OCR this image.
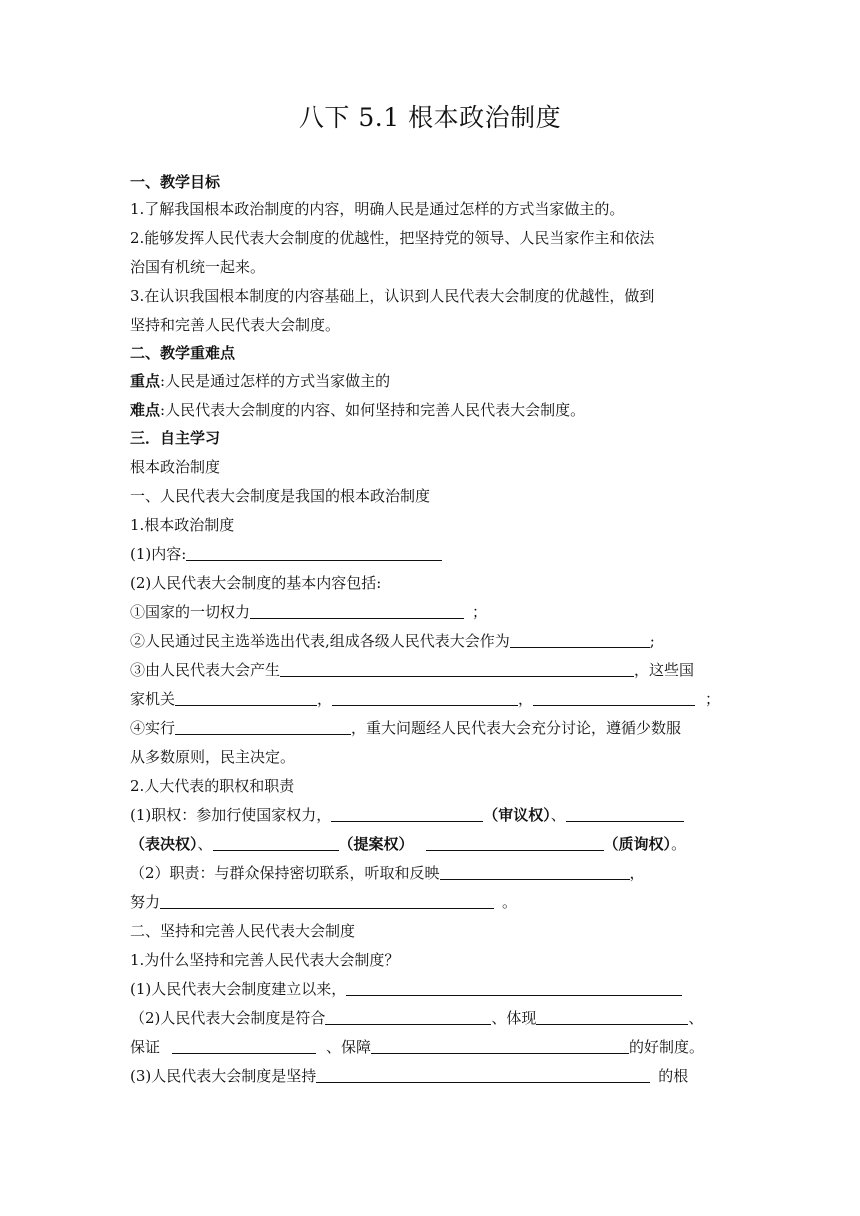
八下 5.1 根本政治制度
一、教学目标
1.了解我国根本政治制度的内容，明确人民是通过怎样的方式当家做主的。
2.能够发挥人民代表大会制度的优越性，把坚持党的领导、人民当家作主和依法
治国有机统一起来。
3.在认识我国根本制度的内容基础上，认识到人民代表大会制度的优越性，做到
坚持和完善人民代表大会制度。
二、教学重难点
重点:人民是通过怎样的方式当家做主的
难点:人民代表大会制度的内容、如何坚持和完善人民代表大会制度。
三．自主学习
根本政治制度
一、人民代表大会制度是我国的根本政治制度
1.根本政治制度
(1)内容:
(2)人民代表大会制度的基本内容包括:
①国家的一切权力	；
②人民通过民主选举选出代表,组成各级人民代表大会作为	;
③由人民代表大会产生	，这些国
家机关	，	，	；
④实行	，重大问题经人民代表大会充分讨论，遵循少数服
从多数原则，民主决定。
2.人大代表的职权和职责
(1)职权：参加行使国家权力，	（审议权）、
（表决权）、	（提案权）	（质询权）。
（2）职责：与群众保持密切联系，听取和反映	，
努力	。
二、坚持和完善人民代表大会制度
1.为什么坚持和完善人民代表大会制度？
(1)人民代表大会制度建立以来，
（2)人民代表大会制度是符合	、体现	、
保证	、保障	的好制度。
(3)人民代表大会制度是坚持	的根
